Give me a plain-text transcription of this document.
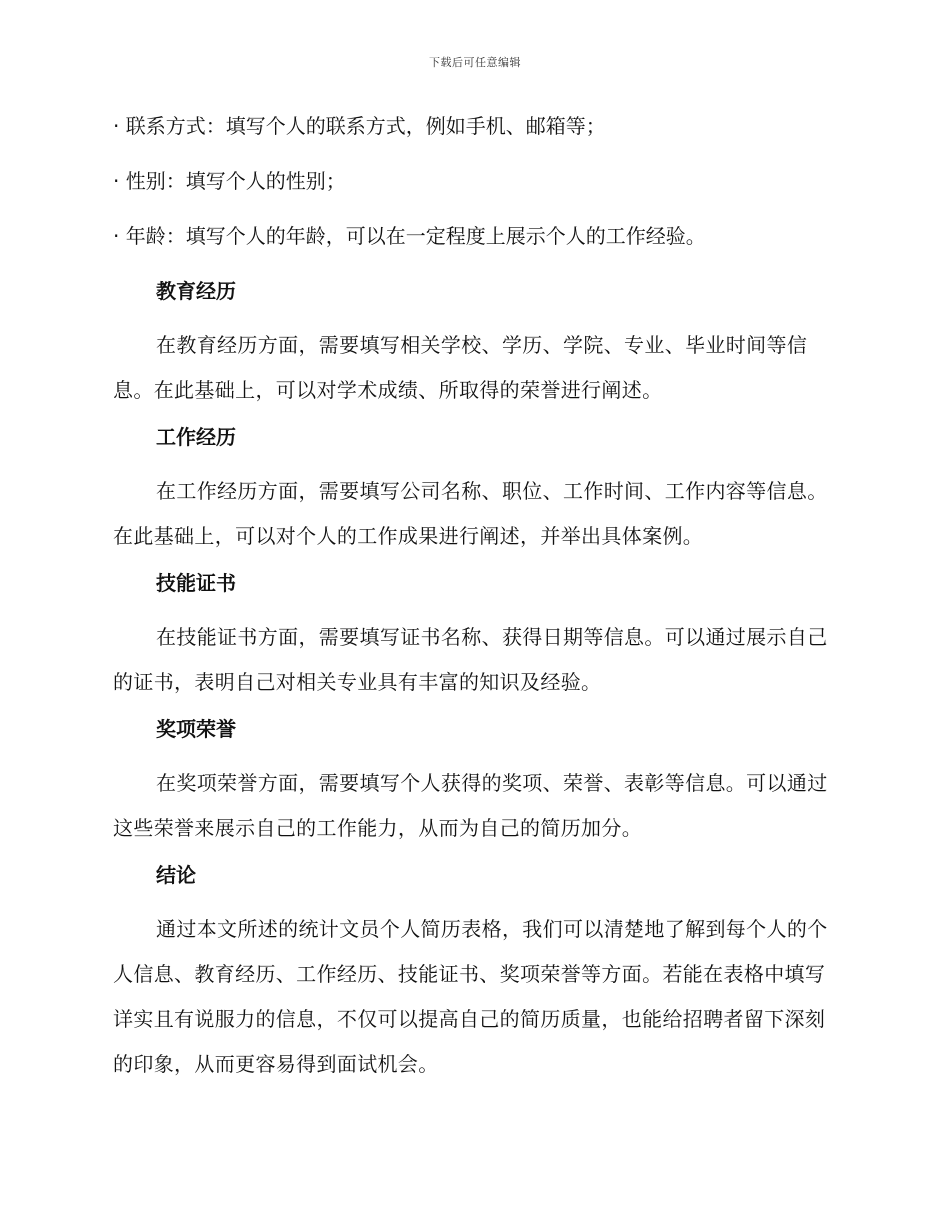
下载后可任意编辑
· 联系方式：填写个人的联系方式，例如手机、邮箱等；
· 性别：填写个人的性别；
· 年龄：填写个人的年龄，可以在一定程度上展示个人的工作经验。
教育经历
在教育经历方面，需要填写相关学校、学历、学院、专业、毕业时间等信息。在此基础上，可以对学术成绩、所取得的荣誉进行阐述。
工作经历
在工作经历方面，需要填写公司名称、职位、工作时间、工作内容等信息。在此基础上，可以对个人的工作成果进行阐述，并举出具体案例。
技能证书
在技能证书方面，需要填写证书名称、获得日期等信息。可以通过展示自己的证书，表明自己对相关专业具有丰富的知识及经验。
奖项荣誉
在奖项荣誉方面，需要填写个人获得的奖项、荣誉、表彰等信息。可以通过这些荣誉来展示自己的工作能力，从而为自己的简历加分。
结论
通过本文所述的统计文员个人简历表格，我们可以清楚地了解到每个人的个人信息、教育经历、工作经历、技能证书、奖项荣誉等方面。若能在表格中填写详实且有说服力的信息，不仅可以提高自己的简历质量，也能给招聘者留下深刻的印象，从而更容易得到面试机会。
